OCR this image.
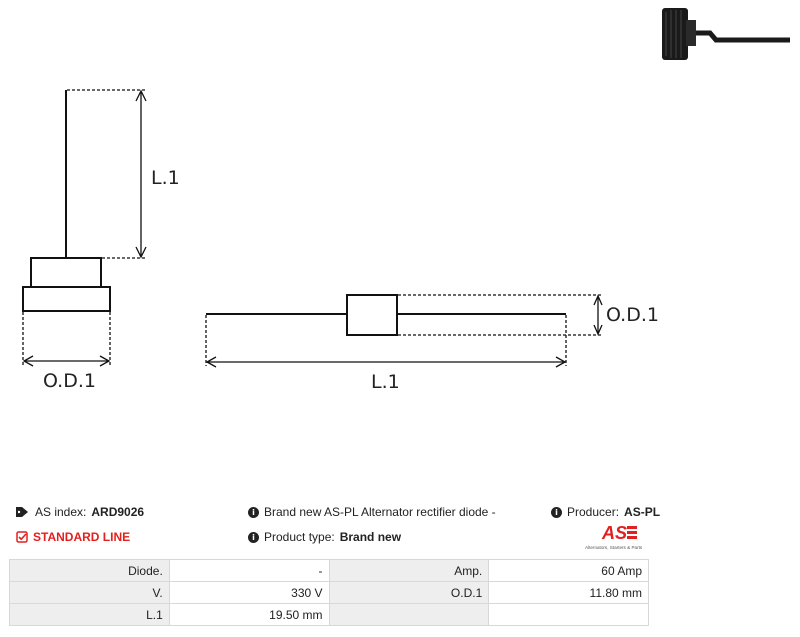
L.1
O.D.1
O.D.1
L.1
AS index: ARD9026
STANDARD LINE
i Brand new AS-PL Alternator rectifier diode -
i Product type: Brand new
i Producer: AS-PL
AS
Alternators, Starters & Parts
Diode.	-	Amp.	60 Amp
V.	330 V	O.D.1	11.80 mm
L.1	19.50 mm		
